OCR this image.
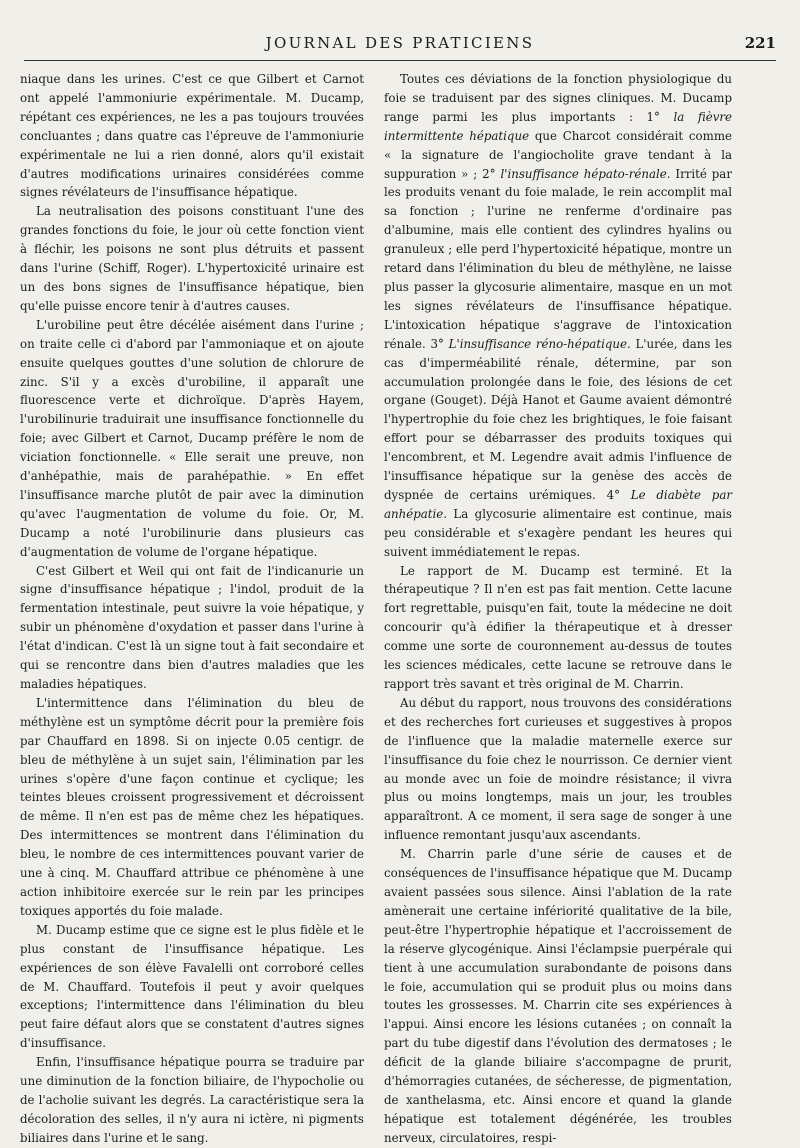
JOURNAL DES PRATICIENS	221

niaque dans les urines. C'est ce que Gilbert et Carnot ont appelé l'ammoniurie expérimentale. M. Ducamp, répétant ces expériences, ne les a pas toujours trouvées concluantes ; dans quatre cas l'épreuve de l'ammoniurie expérimentale ne lui a rien donné, alors qu'il existait d'autres modifications urinaires considérées comme signes révélateurs de l'insuffisance hépatique.

La neutralisation des poisons constituant l'une des grandes fonctions du foie, le jour où cette fonction vient à fléchir, les poisons ne sont plus détruits et passent dans l'urine (Schiff, Roger). L'hypertoxicité urinaire est un des bons signes de l'insuffisance hépatique, bien qu'elle puisse encore tenir à d'autres causes.

L'urobiline peut être décélée aisément dans l'urine ; on traite celle ci d'abord par l'ammoniaque et on ajoute ensuite quelques gouttes d'une solution de chlorure de zinc. S'il y a excès d'urobiline, il apparaît une fluorescence verte et dichroïque. D'après Hayem, l'urobilinurie traduirait une insuffisance fonctionnelle du foie; avec Gilbert et Carnot, Ducamp préfère le nom de viciation fonctionnelle. « Elle serait une preuve, non d'anhépathie, mais de parahépathie. » En effet l'insuffisance marche plutôt de pair avec la diminution qu'avec l'augmentation de volume du foie. Or, M. Ducamp a noté l'urobilinurie dans plusieurs cas d'augmentation de volume de l'organe hépatique.

C'est Gilbert et Weil qui ont fait de l'indicanurie un signe d'insuffisance hépatique ; l'indol, produit de la fermentation intestinale, peut suivre la voie hépatique, y subir un phénomène d'oxydation et passer dans l'urine à l'état d'indican. C'est là un signe tout à fait secondaire et qui se rencontre dans bien d'autres maladies que les maladies hépatiques.

L'intermittence dans l'élimination du bleu de méthylène est un symptôme décrit pour la première fois par Chauffard en 1898. Si on injecte 0.05 centigr. de bleu de méthylène à un sujet sain, l'élimination par les urines s'opère d'une façon continue et cyclique; les teintes bleues croissent progressivement et décroissent de même. Il n'en est pas de même chez les hépatiques. Des intermittences se montrent dans l'élimination du bleu, le nombre de ces intermittences pouvant varier de une à cinq. M. Chauffard attribue ce phénomène à une action inhibitoire exercée sur le rein par les principes toxiques apportés du foie malade.

M. Ducamp estime que ce signe est le plus fidèle et le plus constant de l'insuffisance hépatique. Les expériences de son élève Favalelli ont corroboré celles de M. Chauffard. Toutefois il peut y avoir quelques exceptions; l'intermittence dans l'élimination du bleu peut faire défaut alors que se constatent d'autres signes d'insuffisance.

Enfin, l'insuffisance hépatique pourra se traduire par une diminution de la fonction biliaire, de l'hypocholie ou de l'acholie suivant les degrés. La caractéristique sera la décoloration des selles, il n'y aura ni ictère, ni pigments biliaires dans l'urine et le sang.

Toutes ces déviations de la fonction physiologique du foie se traduisent par des signes cliniques. M. Ducamp range parmi les plus importants : 1° la fièvre intermittente hépatique que Charcot considérait comme « la signature de l'angiocholite grave tendant à la suppuration » ; 2° l'insuffisance hépato-rénale. Irrité par les produits venant du foie malade, le rein accomplit mal sa fonction ; l'urine ne renferme d'ordinaire pas d'albumine, mais elle contient des cylindres hyalins ou granuleux ; elle perd l'hypertoxicité hépatique, montre un retard dans l'élimination du bleu de méthylène, ne laisse plus passer la glycosurie alimentaire, masque en un mot les signes révélateurs de l'insuffisance hépatique. L'intoxication hépatique s'aggrave de l'intoxication rénale. 3° L'insuffisance réno-hépatique. L'urée, dans les cas d'imperméabilité rénale, détermine, par son accumulation prolongée dans le foie, des lésions de cet organe (Gouget). Déjà Hanot et Gaume avaient démontré l'hypertrophie du foie chez les brightiques, le foie faisant effort pour se débarrasser des produits toxiques qui l'encombrent, et M. Legendre avait admis l'influence de l'insuffisance hépatique sur la genèse des accès de dyspnée de certains urémiques. 4° Le diabète par anhépatie. La glycosurie alimentaire est continue, mais peu considérable et s'exagère pendant les heures qui suivent immédiatement le repas.

Le rapport de M. Ducamp est terminé. Et la thérapeutique ? Il n'en est pas fait mention. Cette lacune fort regrettable, puisqu'en fait, toute la médecine ne doit concourir qu'à édifier la thérapeutique et à dresser comme une sorte de couronnement au-dessus de toutes les sciences médicales, cette lacune se retrouve dans le rapport très savant et très original de M. Charrin.

Au début du rapport, nous trouvons des considérations et des recherches fort curieuses et suggestives à propos de l'influence que la maladie maternelle exerce sur l'insuffisance du foie chez le nourrisson. Ce dernier vient au monde avec un foie de moindre résistance; il vivra plus ou moins longtemps, mais un jour, les troubles apparaîtront. A ce moment, il sera sage de songer à une influence remontant jusqu'aux ascendants.

M. Charrin parle d'une série de causes et de conséquences de l'insuffisance hépatique que M. Ducamp avaient passées sous silence. Ainsi l'ablation de la rate amènerait une certaine infériorité qualitative de la bile, peut-être l'hypertrophie hépatique et l'accroissement de la réserve glycogénique. Ainsi l'éclampsie puerpérale qui tient à une accumulation surabondante de poisons dans le foie, accumulation qui se produit plus ou moins dans toutes les grossesses. M. Charrin cite ses expériences à l'appui. Ainsi encore les lésions cutanées ; on connaît la part du tube digestif dans l'évolution des dermatoses ; le déficit de la glande biliaire s'accompagne de prurit, d'hémorragies cutanées, de sécheresse, de pigmentation, de xanthelasma, etc. Ainsi encore et quand la glande hépatique est totalement dégénérée, les troubles nerveux, circulatoires, respi-
